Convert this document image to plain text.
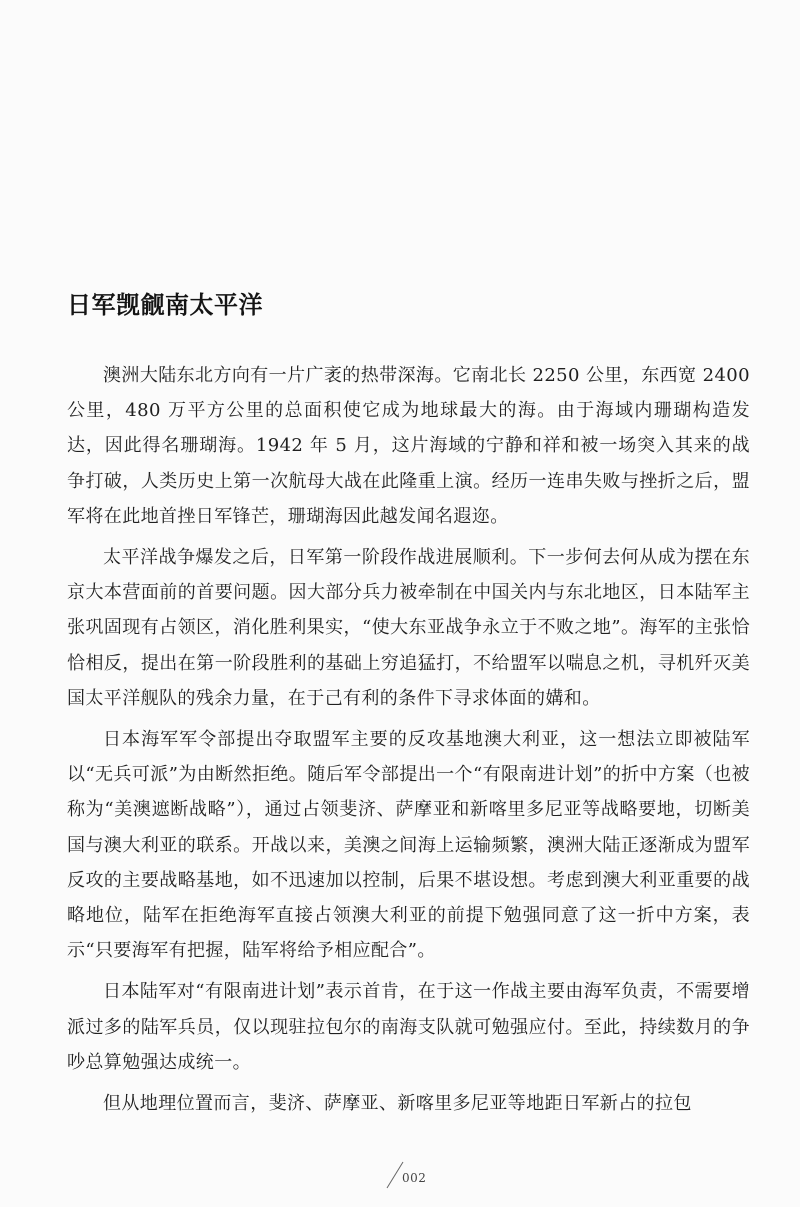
日军觊觎南太平洋

澳洲大陆东北方向有一片广袤的热带深海。它南北长 2250 公里，东西宽 2400 公里，480 万平方公里的总面积使它成为地球最大的海。由于海域内珊瑚构造发达，因此得名珊瑚海。1942 年 5 月，这片海域的宁静和祥和被一场突入其来的战争打破，人类历史上第一次航母大战在此隆重上演。经历一连串失败与挫折之后，盟军将在此地首挫日军锋芒，珊瑚海因此越发闻名遐迩。

太平洋战争爆发之后，日军第一阶段作战进展顺利。下一步何去何从成为摆在东京大本营面前的首要问题。因大部分兵力被牵制在中国关内与东北地区，日本陆军主张巩固现有占领区，消化胜利果实，“使大东亚战争永立于不败之地”。海军的主张恰恰相反，提出在第一阶段胜利的基础上穷追猛打，不给盟军以喘息之机，寻机歼灭美国太平洋舰队的残余力量，在于己有利的条件下寻求体面的媾和。

日本海军军令部提出夺取盟军主要的反攻基地澳大利亚，这一想法立即被陆军以“无兵可派”为由断然拒绝。随后军令部提出一个“有限南进计划”的折中方案（也被称为“美澳遮断战略”），通过占领斐济、萨摩亚和新喀里多尼亚等战略要地，切断美国与澳大利亚的联系。开战以来，美澳之间海上运输频繁，澳洲大陆正逐渐成为盟军反攻的主要战略基地，如不迅速加以控制，后果不堪设想。考虑到澳大利亚重要的战略地位，陆军在拒绝海军直接占领澳大利亚的前提下勉强同意了这一折中方案，表示“只要海军有把握，陆军将给予相应配合”。

日本陆军对“有限南进计划”表示首肯，在于这一作战主要由海军负责，不需要增派过多的陆军兵员，仅以现驻拉包尔的南海支队就可勉强应付。至此，持续数月的争吵总算勉强达成统一。

但从地理位置而言，斐济、萨摩亚、新喀里多尼亚等地距日军新占的拉包

002
